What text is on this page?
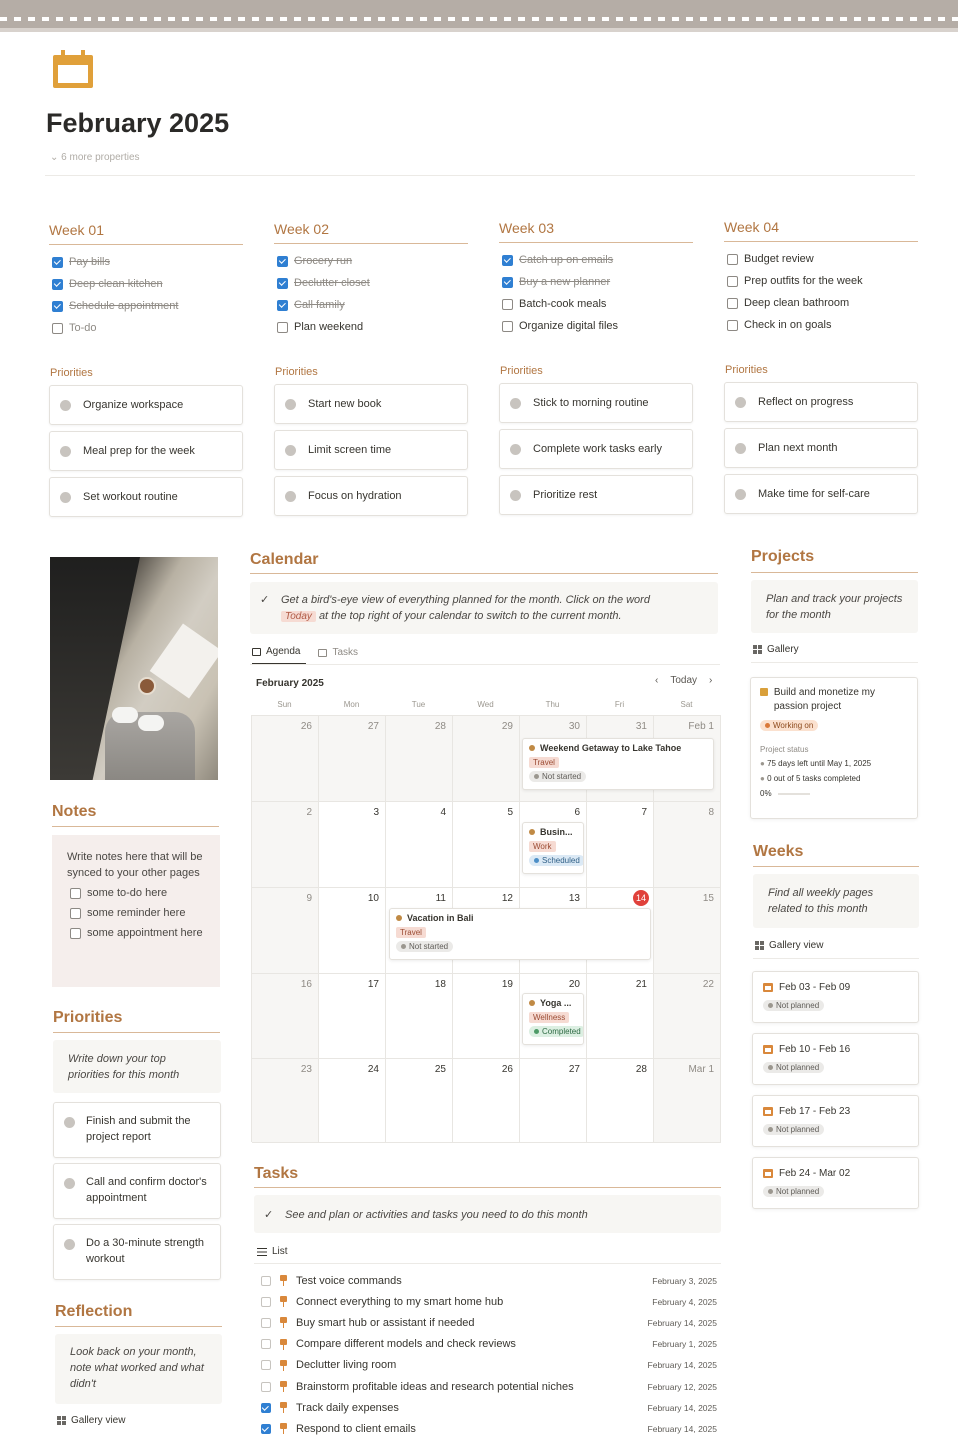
February 2025
⌄ 6 more properties
Week 01
Pay bills
Deep clean kitchen
Schedule appointment
To-do
Priorities
Organize workspace
Meal prep for the week
Set workout routine
Week 02
Grocery run
Declutter closet
Call family
Plan weekend
Priorities
Start new book
Limit screen time
Focus on hydration
Week 03
Catch up on emails
Buy a new planner
Batch-cook meals
Organize digital files
Priorities
Stick to morning routine
Complete work tasks early
Prioritize rest
Week 04
Budget review
Prep outfits for the week
Deep clean bathroom
Check in on goals
Priorities
Reflect on progress
Plan next month
Make time for self-care
Notes
Write notes here that will be synced to your other pages
some to-do here
some reminder here
some appointment here
Priorities
Write down your top priorities for this month
Finish and submit the project report
Call and confirm doctor's appointment
Do a 30-minute strength workout
Reflection
Look back on your month, note what worked and what didn't
Gallery view
Calendar
✓ Get a bird's-eye view of everything planned for the month. Click on the word
Today at the top right of your calendar to switch to the current month.
Agenda	Tasks
February 2025	‹ Today ›
Sun	Mon	Tue	Wed	Thu	Fri	Sat
26	27	28	29	30	31	Feb 1
2	3	4	5	6	7	8
9	10	11	12	13	14	15
16	17	18	19	20	21	22
23	24	25	26	27	28	Mar 1
Weekend Getaway to Lake Tahoe
Travel
Not started
Busin...
Work
Scheduled
Vacation in Bali
Travel
Not started
Yoga ...
Wellness
Completed
Tasks
✓ See and plan or activities and tasks you need to do this month
List
Test voice commands	February 3, 2025
Connect everything to my smart home hub	February 4, 2025
Buy smart hub or assistant if needed	February 14, 2025
Compare different models and check reviews	February 1, 2025
Declutter living room	February 14, 2025
Brainstorm profitable ideas and research potential niches	February 12, 2025
Track daily expenses	February 14, 2025
Respond to client emails	February 14, 2025
Projects
Plan and track your projects for the month
Gallery
Build and monetize my passion project
Working on
Project status
● 75 days left until May 1, 2025
● 0 out of 5 tasks completed
0%
Weeks
Find all weekly pages related to this month
Gallery view
Feb 03 - Feb 09
Not planned
Feb 10 - Feb 16
Not planned
Feb 17 - Feb 23
Not planned
Feb 24 - Mar 02
Not planned
